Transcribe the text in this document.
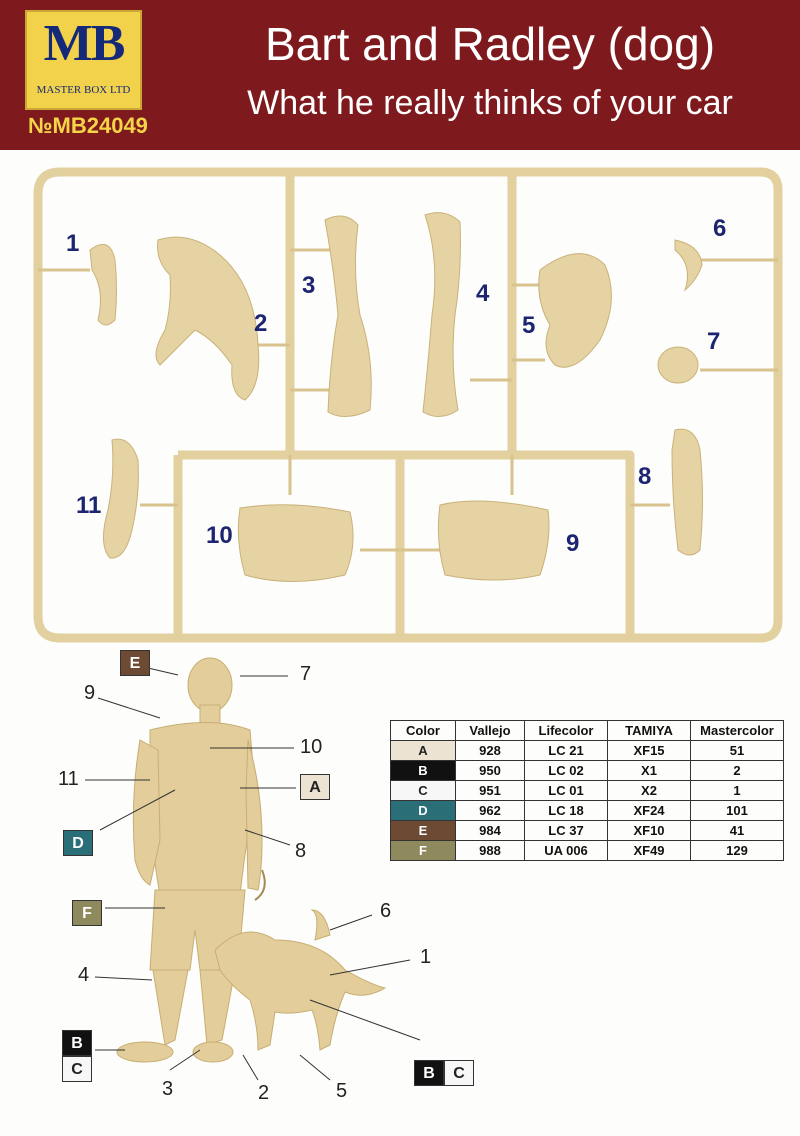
MB
MASTER BOX LTD
№MB24049
Bart and Radley (dog)
What he really thinks of your car
1
2
3	4
5
6
7
8
9
10
11
7
9
10
11
8
6
1
4
3	2	5
E
A
D
F
B
C	B	C
Color	Vallejo	Lifecolor	TAMIYA	Mastercolor
A	928	LC 21	XF15	51
B	950	LC 02	X1	2
C	951	LC 01	X2	1
D	962	LC 18	XF24	101
E	984	LC 37	XF10	41
F	988	UA 006	XF49	129
